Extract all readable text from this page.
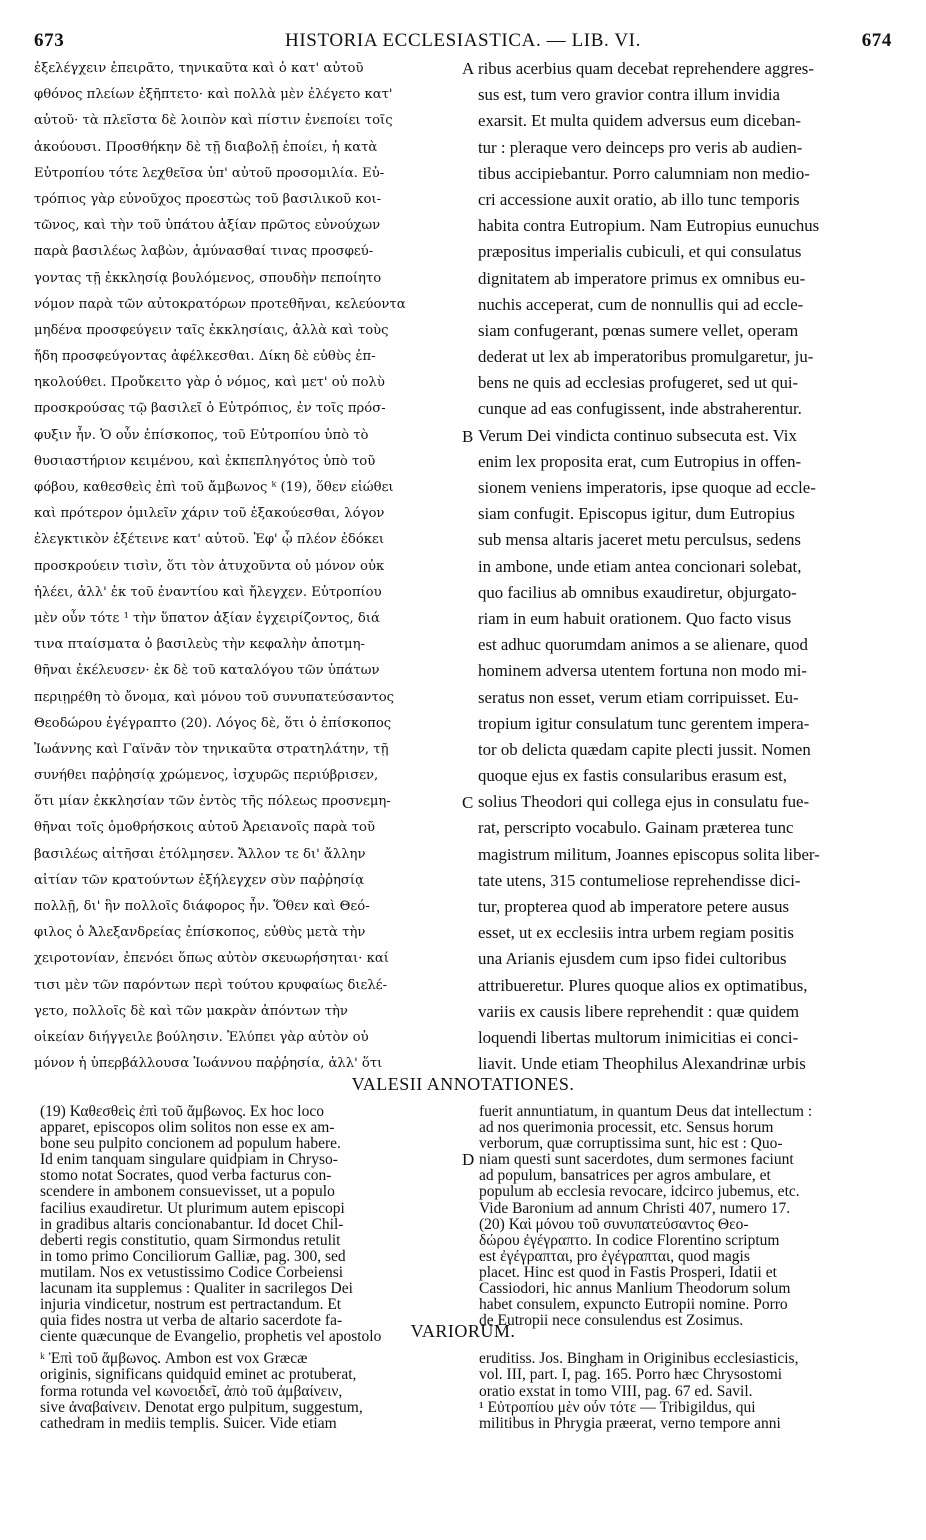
673	HISTORIA ECCLESIASTICA. — LIB. VI.	674
ἐξελέγχειν ἐπειρᾶτο, τηνικαῦτα καὶ ὁ κατ' αὐτοῦ
φθόνος πλείων ἐξῆπτετο· καὶ πολλὰ μὲν ἐλέγετο κατ'
αὐτοῦ· τὰ πλεῖστα δὲ λοιπὸν καὶ πίστιν ἐνεποίει τοῖς
ἀκούουσι. Προσθήκην δὲ τῇ διαβολῇ ἐποίει, ἡ κατὰ
Εὐτροπίου τότε λεχθεῖσα ὑπ' αὐτοῦ προσομιλία. Εὐ-
τρόπιος γὰρ εὐνοῦχος προεστὼς τοῦ βασιλικοῦ κοι-
τῶνος, καὶ τὴν τοῦ ὑπάτου ἀξίαν πρῶτος εὐνούχων
παρὰ βασιλέως λαβὼν, ἀμύνασθαί τινας προσφεύ-
γοντας τῇ ἐκκλησίᾳ βουλόμενος, σπουδὴν πεποίητο
νόμον παρὰ τῶν αὐτοκρατόρων προτεθῆναι, κελεύοντα
μηδένα προσφεύγειν ταῖς ἐκκλησίαις, ἀλλὰ καὶ τοὺς
ἤδη προσφεύγοντας ἀφέλκεσθαι. Δίκη δὲ εὐθὺς ἐπ-
ηκολούθει. Προὔκειτο γὰρ ὁ νόμος, καὶ μετ' οὐ πολὺ
προσκρούσας τῷ βασιλεῖ ὁ Εὐτρόπιος, ἐν τοῖς πρόσ-
φυξιν ἦν. Ὁ οὖν ἐπίσκοπος, τοῦ Εὐτροπίου ὑπὸ τὸ
θυσιαστήριον κειμένου, καὶ ἐκπεπληγότος ὑπὸ τοῦ
φόβου, καθεσθεὶς ἐπὶ τοῦ ἄμβωνος ᵏ (19), ὅθεν εἰώθει
καὶ πρότερον ὁμιλεῖν χάριν τοῦ ἐξακούεσθαι, λόγον
ἐλεγκτικὸν ἐξέτεινε κατ' αὐτοῦ. Ἐφ' ᾧ πλέον ἐδόκει
προσκρούειν τισὶν, ὅτι τὸν ἀτυχοῦντα οὐ μόνον οὐκ
ἠλέει, ἀλλ' ἐκ τοῦ ἐναντίου καὶ ἤλεγχεν. Εὐτροπίου
μὲν οὖν τότε ¹ τὴν ὕπατον ἀξίαν ἐγχειρίζοντος, διά
τινα πταίσματα ὁ βασιλεὺς τὴν κεφαλὴν ἀποτμη-
θῆναι ἐκέλευσεν· ἐκ δὲ τοῦ καταλόγου τῶν ὑπάτων
περιῃρέθη τὸ ὄνομα, καὶ μόνου τοῦ συνυπατεύσαντος
Θεοδώρου ἐγέγραπτο (20). Λόγος δὲ, ὅτι ὁ ἐπίσκοπος
Ἰωάννης καὶ Γαϊνᾶν τὸν τηνικαῦτα στρατηλάτην, τῇ
συνήθει παῤῥησίᾳ χρώμενος, ἰσχυρῶς περιύβρισεν,
ὅτι μίαν ἐκκλησίαν τῶν ἐντὸς τῆς πόλεως προσνεμη-
θῆναι τοῖς ὁμοθρήσκοις αὐτοῦ Ἀρειανοῖς παρὰ τοῦ
βασιλέως αἰτῆσαι ἐτόλμησεν. Ἄλλον τε δι' ἄλλην
αἰτίαν τῶν κρατούντων ἐξήλεγχεν σὺν παῤῥησίᾳ
πολλῇ, δι' ἣν πολλοῖς διάφορος ἦν. Ὅθεν καὶ Θεό-
φιλος ὁ Ἀλεξανδρείας ἐπίσκοπος, εὐθὺς μετὰ τὴν
χειροτονίαν, ἐπενόει ὅπως αὐτὸν σκευωρήσηται· καί
τισι μὲν τῶν παρόντων περὶ τούτου κρυφαίως διελέ-
γετο, πολλοῖς δὲ καὶ τῶν μακρὰν ἀπόντων τὴν
οἰκείαν διήγγειλε βούλησιν. Ἐλύπει γὰρ αὐτὸν οὐ
μόνον ἡ ὑπερβάλλουσα Ἰωάννου παῤῥησία, ἀλλ' ὅτι
ribus acerbius quam decebat reprehendere aggres-
sus est, tum vero gravior contra illum invidia
exarsit. Et multa quidem adversus eum diceban-
tur : pleraque vero deinceps pro veris ab audien-
tibus accipiebantur. Porro calumniam non medio-
cri accessione auxit oratio, ab illo tunc temporis
habita contra Eutropium. Nam Eutropius eunuchus
præpositus imperialis cubiculi, et qui consulatus
dignitatem ab imperatore primus ex omnibus eu-
nuchis acceperat, cum de nonnullis qui ad eccle-
siam confugerant, pœnas sumere vellet, operam
dederat ut lex ab imperatoribus promulgaretur, ju-
bens ne quis ad ecclesias profugeret, sed ut qui-
cunque ad eas confugissent, inde abstraherentur.
Verum Dei vindicta continuo subsecuta est. Vix
enim lex proposita erat, cum Eutropius in offen-
sionem veniens imperatoris, ipse quoque ad eccle-
siam confugit. Episcopus igitur, dum Eutropius
sub mensa altaris jaceret metu perculsus, sedens
in ambone, unde etiam antea concionari solebat,
quo facilius ab omnibus exaudiretur, objurgato-
riam in eum habuit orationem. Quo facto visus
est adhuc quorumdam animos a se alienare, quod
hominem adversa utentem fortuna non modo mi-
seratus non esset, verum etiam corripuisset. Eu-
tropium igitur consulatum tunc gerentem impera-
tor ob delicta quædam capite plecti jussit. Nomen
quoque ejus ex fastis consularibus erasum est,
solius Theodori qui collega ejus in consulatu fue-
rat, perscripto vocabulo. Gainam præterea tunc
magistrum militum, Joannes episcopus solita liber-
tate utens, 315 contumeliose reprehendisse dici-
tur, propterea quod ab imperatore petere ausus
esset, ut ex ecclesiis intra urbem regiam positis
una Arianis ejusdem cum ipso fidei cultoribus
attribueretur. Plures quoque alios ex optimatibus,
variis ex causis libere reprehendit : quæ quidem
loquendi libertas multorum inimicitias ei conci-
liavit. Unde etiam Theophilus Alexandrinæ urbis
A
B
C
D
VALESII ANNOTATIONES.
(19) Καθεσθεὶς ἐπὶ τοῦ ἄμβωνος. Ex hoc loco
apparet, episcopos olim solitos non esse ex am-
bone seu pulpito concionem ad populum habere.
Id enim tanquam singulare quidpiam in Chryso-
stomo notat Socrates, quod verba facturus con-
scendere in ambonem consuevisset, ut a populo
facilius exaudiretur. Ut plurimum autem episcopi
in gradibus altaris concionabantur. Id docet Chil-
deberti regis constitutio, quam Sirmondus retulit
in tomo primo Conciliorum Galliæ, pag. 300, sed
mutilam. Nos ex vetustissimo Codice Corbeiensi
lacunam ita supplemus : Qualiter in sacrilegos Dei
injuria vindicetur, nostrum est pertractandum. Et
quia fides nostra ut verba de altario sacerdote fa-
ciente quæcunque de Evangelio, prophetis vel apostolo
fuerit annuntiatum, in quantum Deus dat intellectum :
ad nos querimonia processit, etc. Sensus horum
verborum, quæ corruptissima sunt, hic est : Quo-
niam questi sunt sacerdotes, dum sermones faciunt
ad populum, bansatrices per agros ambulare, et
populum ab ecclesia revocare, idcirco jubemus, etc.
Vide Baronium ad annum Christi 407, numero 17.
(20) Καὶ μόνου τοῦ συνυπατεύσαντος Θεο-
δώρου ἐγέγραπτο. In codice Florentino scriptum
est ἐγέγραπται, pro ἐγέγραπται, quod magis
placet. Hinc est quod in Fastis Prosperi, Idatii et
Cassiodori, hic annus Manlium Theodorum solum
habet consulem, expuncto Eutropii nomine. Porro
de Eutropii nece consulendus est Zosimus.
VARIORUM.
ᵏ Ἐπὶ τοῦ ἄμβωνος. Ambon est vox Græcæ
originis, significans quidquid eminet ac protuberat,
forma rotunda vel κωνοειδεῖ, ἀπὸ τοῦ ἀμβαίνειν,
sive ἀναβαίνειν. Denotat ergo pulpitum, suggestum,
cathedram in mediis templis. Suicer. Vide etiam
eruditiss. Jos. Bingham in Originibus ecclesiasticis,
vol. III, part. I, pag. 165. Porro hæc Chrysostomi
oratio exstat in tomo VIII, pag. 67 ed. Savil.
¹ Εὐτροπίου μὲν οὖν τότε — Tribigildus, qui
militibus in Phrygia præerat, verno tempore anni
